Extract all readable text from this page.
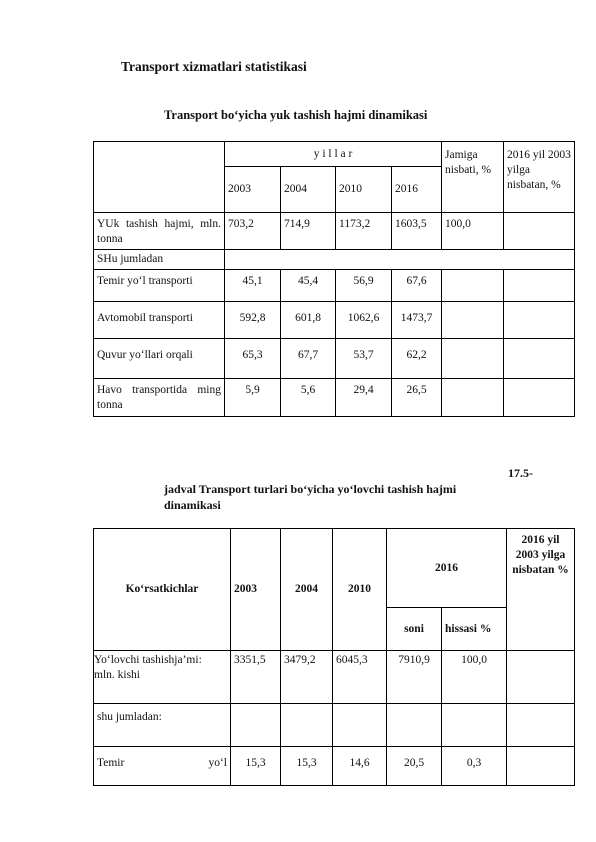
Transport xizmatlari statistikasi
Transport bo‘yicha yuk tashish hajmi dinamikasi
	y i l l a r				Jamiga nisbati, %	2016 yil 2003 yilga nisbatan, %
	2003	2004	2010	2016		

YUk tashish hajmi, mln. tonna	703,2	714,9	1173,2	1603,5	100,0	
SHu jumladan						
Temir yo‘l transporti	45,1	45,4	56,9	67,6		
Avtomobil transporti	592,8	601,8	1062,6	1473,7		
Quvur yo‘llari orqali	65,3	67,7	53,7	62,2		

Havo transportida ming tonna	5,9	5,6	29,4	26,5		
17.5-
jadval Transport turlari bo‘yicha yo‘lovchi tashish hajmi dinamikasi
Ko‘rsatkichlar	2003	2004	2010	2016		2016 yil 2003 yilga nisbatan %
				soni	hissasi %	

Yo‘lovchi tashishja’mi: mln. kishi	3351,5	3479,2	6045,3	7910,9	100,0	
shu jumladan:						

Temir yo‘l	15,3	15,3	14,6	20,5	0,3	
